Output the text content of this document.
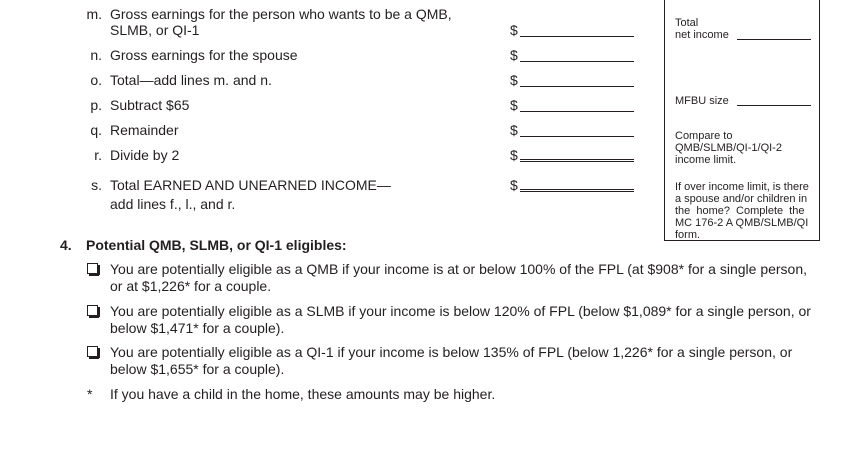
m. Gross earnings for the person who wants to be a QMB,
SLMB, or QI-1	$
n. Gross earnings for the spouse	$
o. Total—add lines m. and n.	$
p. Subtract $65	$
q. Remainder	$
r. Divide by 2	$
s. Total EARNED AND UNEARNED INCOME—
add lines f., l., and r.
$
Total
net income
MFBU size
Compare to
QMB/SLMB/QI-1/QI-2
income limit.
If over income limit, is there
a spouse and/or children in
the home? Complete the
MC 176-2 A QMB/SLMB/QI
form.
4. Potential QMB, SLMB, or QI-1 eligibles:
You are potentially eligible as a QMB if your income is at or below 100% of the FPL (at $908* for a single person,
or at $1,226* for a couple.
You are potentially eligible as a SLMB if your income is below 120% of FPL (below $1,089* for a single person, or
below $1,471* for a couple).
You are potentially eligible as a QI-1 if your income is below 135% of FPL (below 1,226* for a single person, or
below $1,655* for a couple).
* If you have a child in the home, these amounts may be higher.
